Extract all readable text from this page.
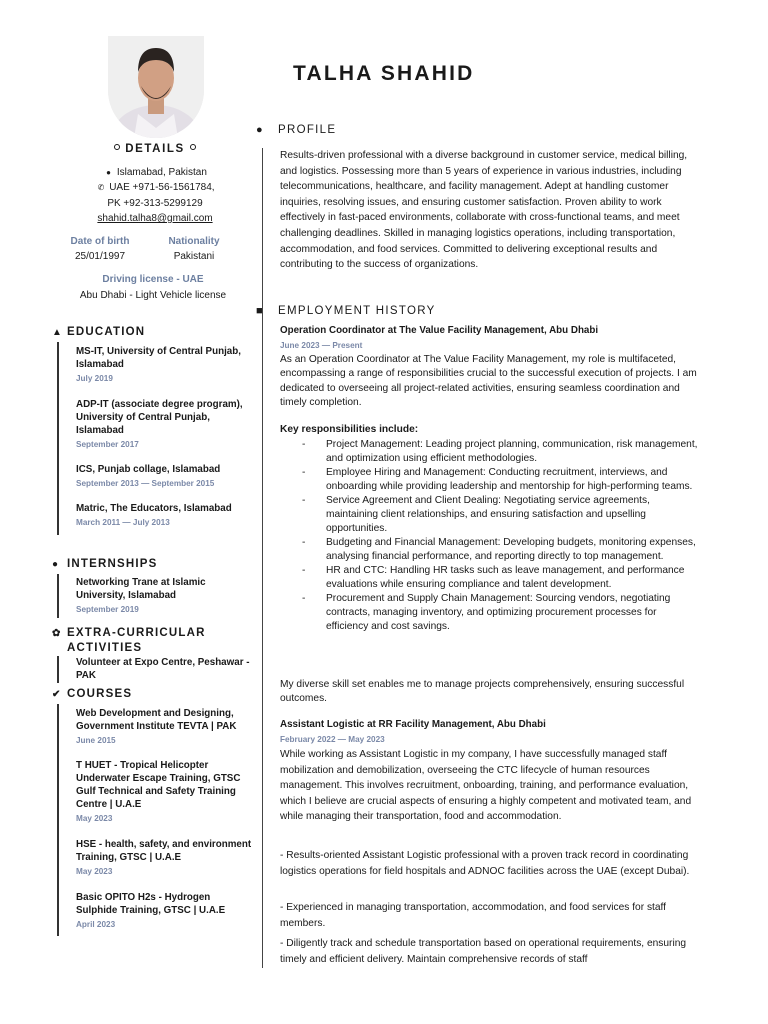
DETAILS
● Islamabad, Pakistan
✆ UAE +971-56-1561784,
PK +92-313-5299129
shahid.talha8@gmail.com
Date of birth
25/01/1997
Nationality
Pakistani
Driving license - UAE
Abu Dhabi - Light Vehicle license
▲ EDUCATION
MS-IT, University of Central Punjab, Islamabad
July 2019
ADP-IT (associate degree program), University of Central Punjab, Islamabad
September 2017
ICS, Punjab collage, Islamabad
September 2013 — September 2015
Matric, The Educators, Islamabad
March 2011 — July 2013
● INTERNSHIPS
Networking Trane at Islamic University, Islamabad
September 2019
✿ EXTRA-CURRICULAR
ACTIVITIES
Volunteer at Expo Centre, Peshawar - PAK
✔ COURSES
Web Development and Designing, Government Institute TEVTA | PAK
June 2015
T HUET - Tropical Helicopter Underwater Escape Training, GTSC Gulf Technical and Safety Training Centre | U.A.E
May 2023
HSE - health, safety, and environment Training, GTSC | U.A.E
May 2023
Basic OPITO H2s - Hydrogen Sulphide Training, GTSC | U.A.E
April 2023
TALHA SHAHID
● PROFILE
Results-driven professional with a diverse background in customer service, medical billing, and logistics. Possessing more than 5 years of experience in various industries, including telecommunications, healthcare, and facility management. Adept at handling customer inquiries, resolving issues, and ensuring customer satisfaction. Proven ability to work effectively in fast-paced environments, collaborate with cross-functional teams, and meet challenging deadlines. Skilled in managing logistics operations, including transportation, accommodation, and food services. Committed to delivering exceptional results and contributing to the success of organizations.
■ EMPLOYMENT HISTORY
Operation Coordinator at The Value Facility Management, Abu Dhabi
June 2023 — Present
As an Operation Coordinator at The Value Facility Management, my role is multifaceted, encompassing a range of responsibilities crucial to the successful execution of projects. I am dedicated to overseeing all project-related activities, ensuring seamless coordination and timely completion.
Key responsibilities include:
- Project Management: Leading project planning, communication, risk management, and optimization using efficient methodologies.
- Employee Hiring and Management: Conducting recruitment, interviews, and onboarding while providing leadership and mentorship for high-performing teams.
- Service Agreement and Client Dealing: Negotiating service agreements, maintaining client relationships, and ensuring satisfaction and upselling opportunities.
- Budgeting and Financial Management: Developing budgets, monitoring expenses, analysing financial performance, and reporting directly to top management.
- HR and CTC: Handling HR tasks such as leave management, and performance evaluations while ensuring compliance and talent development.
- Procurement and Supply Chain Management: Sourcing vendors, negotiating contracts, managing inventory, and optimizing procurement processes for efficiency and cost savings.
My diverse skill set enables me to manage projects comprehensively, ensuring successful outcomes.
Assistant Logistic at RR Facility Management, Abu Dhabi
February 2022 — May 2023
While working as Assistant Logistic in my company, I have successfully managed staff mobilization and demobilization, overseeing the CTC lifecycle of human resources management. This involves recruitment, onboarding, training, and performance evaluation, which I believe are crucial aspects of ensuring a highly competent and motivated team, and while managing their transportation, food and accommodation.
- Results-oriented Assistant Logistic professional with a proven track record in coordinating logistics operations for field hospitals and ADNOC facilities across the UAE (except Dubai).
- Experienced in managing transportation, accommodation, and food services for staff members.
- Diligently track and schedule transportation based on operational requirements, ensuring timely and efficient delivery. Maintain comprehensive records of staff
